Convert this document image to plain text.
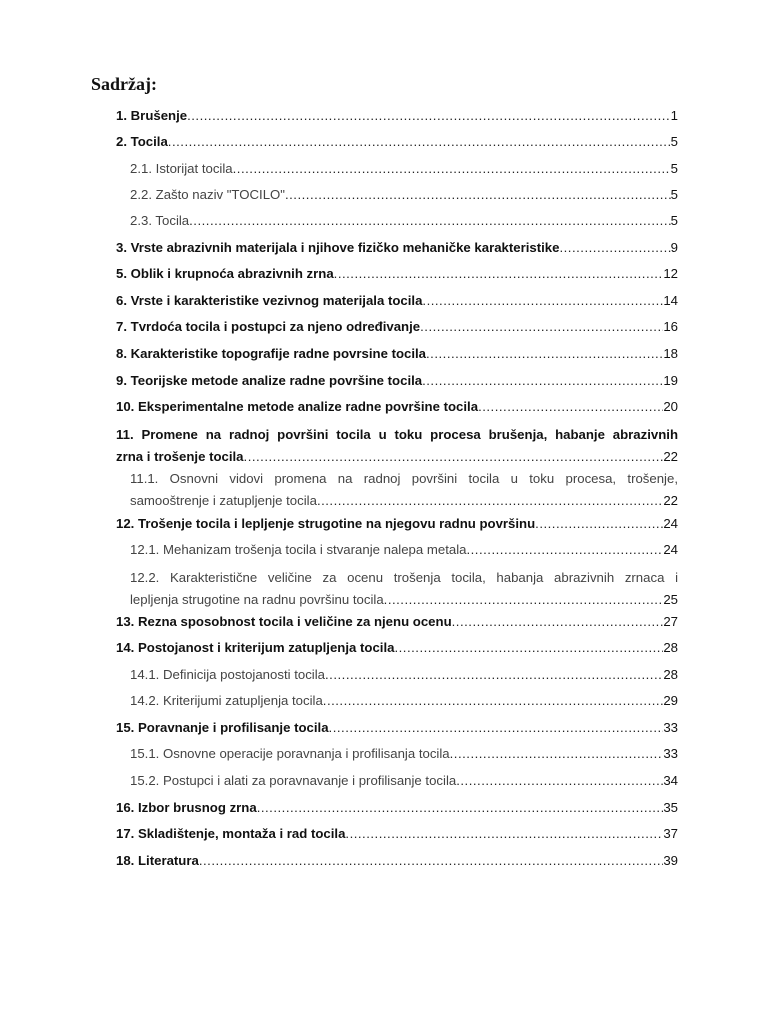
Sadržaj:
1. Brušenje .....	1
2. Tocila .....	5
2.1. Istorijat tocila .....	5
2.2. Zašto naziv "TOCILO" .....	5
2.3. Tocila .....	5
3. Vrste abrazivnih materijala i njihove fizičko mehaničke karakteristike .....	9
5. Oblik i krupnoća abrazivnih zrna .....	12
6. Vrste i karakteristike vezivnog materijala tocila .....	14
7. Tvrdoća tocila i postupci za njeno određivanje .....	16
8. Karakteristike topografije radne povrsine tocila .....	18
9. Teorijske metode analize radne površine tocila .....	19
10. Eksperimentalne metode analize radne površine tocila .....	20
11. Promene na radnoj površini tocila u toku procesa brušenja, habanje abrazivnih
zrna i trošenje tocila .....	22
11.1. Osnovni vidovi promena na radnoj površini tocila u toku procesa, trošenje,
samooštrenje i zatupljenje tocila .....	22
12. Trošenje tocila i lepljenje strugotine na njegovu radnu površinu .....	24
12.1. Mehanizam trošenja tocila i stvaranje nalepa metala .....	24
12.2. Karakteristične veličine za ocenu trošenja tocila, habanja abrazivnih zrnaca i
lepljenja strugotine na radnu površinu tocila .....	25
13. Rezna sposobnost tocila i veličine za njenu ocenu .....	27
14. Postojanost i kriterijum zatupljenja tocila .....	28
14.1. Definicija postojanosti tocila .....	28
14.2. Kriterijumi zatupljenja tocila .....	29
15. Poravnanje i profilisanje tocila .....	33
15.1. Osnovne operacije poravnanja i profilisanja tocila .....	33
15.2. Postupci i alati za poravnavanje i profilisanje tocila .....	34
16. Izbor brusnog zrna .....	35
17. Skladištenje, montaža i rad tocila .....	37
18. Literatura .....	39
